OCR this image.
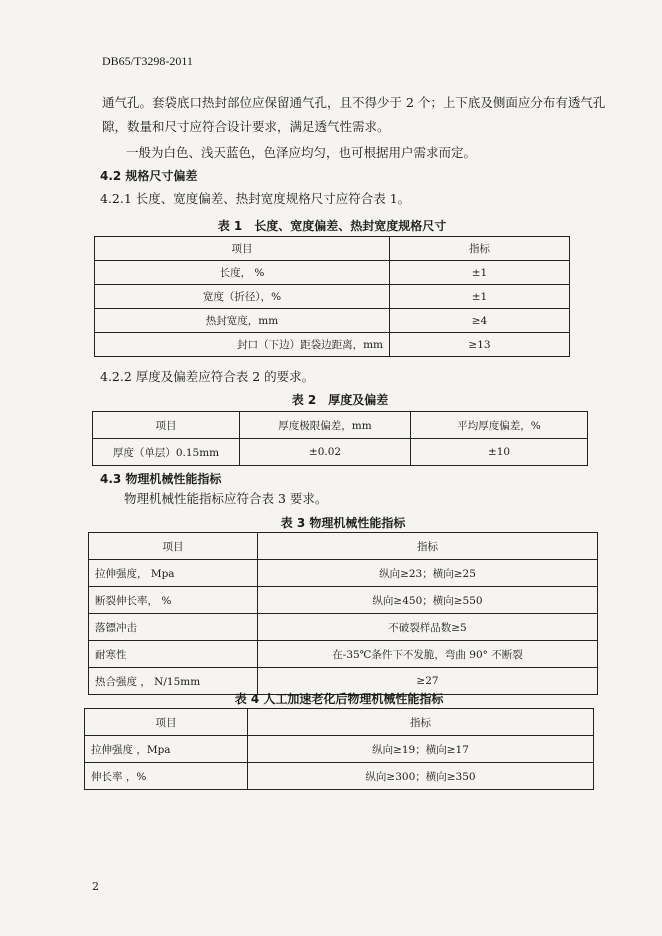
DB65/T3298-2011
通气孔。套袋底口热封部位应保留通气孔，且不得少于 2 个；上下底及侧面应分布有透气孔
隙，数量和尺寸应符合设计要求，满足透气性需求。
一般为白色、浅天蓝色，色泽应均匀，也可根据用户需求而定。
4.2 规格尺寸偏差
4.2.1 长度、宽度偏差、热封宽度规格尺寸应符合表 1。
表 1　长度、宽度偏差、热封宽度规格尺寸
项目	指标
长度， %	±1
宽度（折径），%	±1
热封宽度，mm	≥4
封口（下边）距袋边距离，mm	≥13
4.2.2 厚度及偏差应符合表 2 的要求。
表 2　厚度及偏差
项目	厚度极限偏差，mm	平均厚度偏差，%
厚度（单层）0.15mm	±0.02	±10
4.3 物理机械性能指标
物理机械性能指标应符合表 3 要求。
表 3 物理机械性能指标
项目	指标
拉伸强度， Mpa	纵向≥23；横向≥25
断裂伸长率， %	纵向≥450；横向≥550
落镖冲击	不破裂样品数≥5
耐寒性	在-35℃条件下不发脆，弯曲 90° 不断裂
热合强度 ， N/15mm	≥27
表 4 人工加速老化后物理机械性能指标
项目	指标
拉伸强度 ，Mpa	纵向≥19；横向≥17
伸长率 ，%	纵向≥300；横向≥350
2
